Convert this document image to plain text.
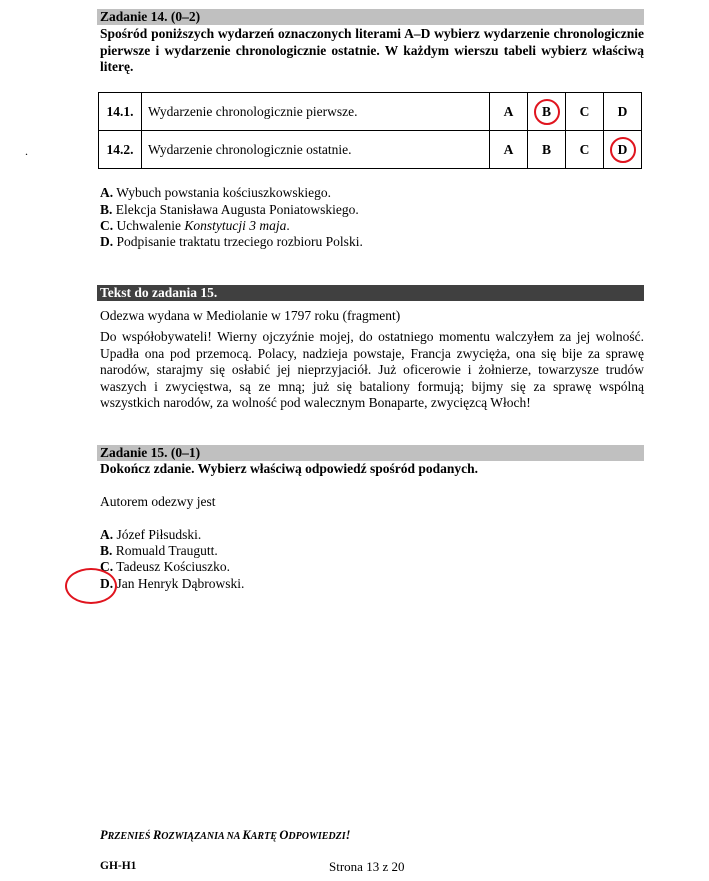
Zadanie 14. (0–2)
Spośród poniższych wydarzeń oznaczonych literami A–D wybierz wydarzenie chronologicznie pierwsze i wydarzenie chronologicznie ostatnie. W każdym wierszu tabeli wybierz właściwą literę.
14.1.	Wydarzenie chronologicznie pierwsze.	A	B	C	D
14.2.	Wydarzenie chronologicznie ostatnie.	A	B	C	D
.
A. Wybuch powstania kościuszkowskiego.
B. Elekcja Stanisława Augusta Poniatowskiego.
C. Uchwalenie Konstytucji 3 maja.
D. Podpisanie traktatu trzeciego rozbioru Polski.
Tekst do zadania 15.
Odezwa wydana w Mediolanie w 1797 roku (fragment)
Do współobywateli! Wierny ojczyźnie mojej, do ostatniego momentu walczyłem za jej wolność. Upadła ona pod przemocą. Polacy, nadzieja powstaje, Francja zwycięża, ona się bije za sprawę narodów, starajmy się osłabić jej nieprzyjaciół. Już oficerowie i żołnierze, towarzysze trudów waszych i zwycięstwa, są ze mną; już się bataliony formują; bijmy się za sprawę wspólną wszystkich narodów, za wolność pod walecznym Bonaparte, zwycięzcą Włoch!
Zadanie 15. (0–1)
Dokończ zdanie. Wybierz właściwą odpowiedź spośród podanych.
Autorem odezwy jest
A. Józef Piłsudski.
B. Romuald Traugutt.
C. Tadeusz Kościuszko.
D. Jan Henryk Dąbrowski.
PRZENIEŚ ROZWIĄZANIA NA KARTĘ ODPOWIEDZI!
GH-H1	Strona 13 z 20
